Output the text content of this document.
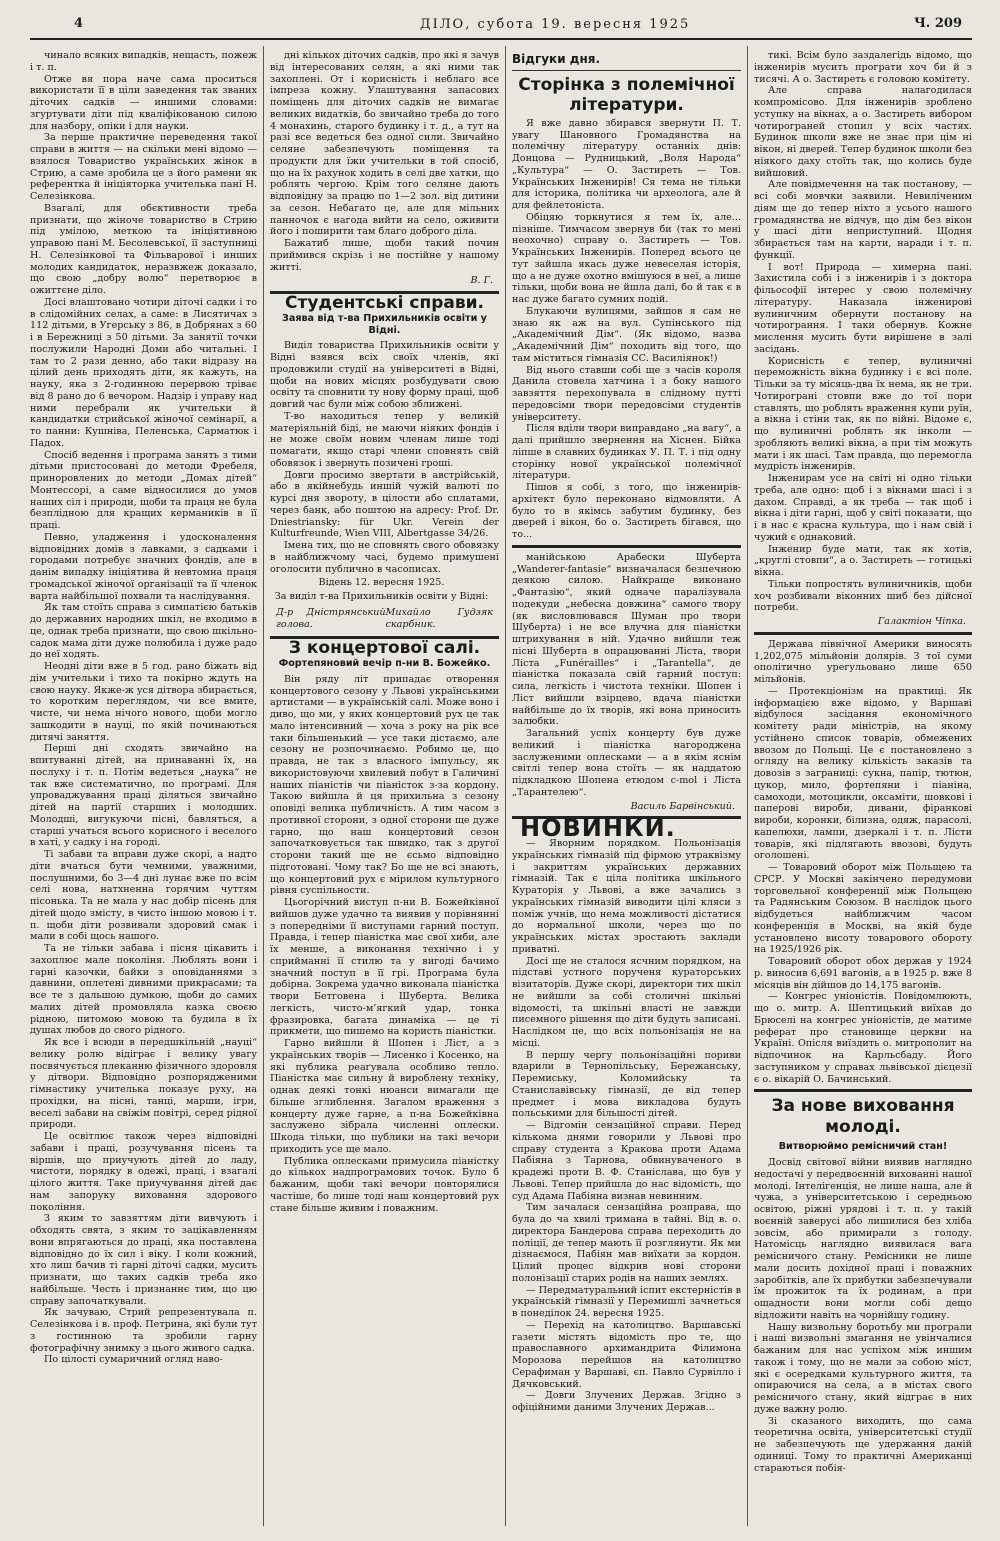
4	ДІЛО, субота 19. вересня 1925	Ч. 209

чинало всяких випадків, нещасть, пожеж і т. п.

Отже вя пора наче сама проситься використати її в ціли заведення так званих діточих садків — иншими словами: згуртувати діти під кваліфікованою силою для назбору, опіки і для науки.

За перше практичне переведення такої справи в життя — на скільки мені відомо — взялося Товариство українських жінок в Стрию, а саме зробила це з його рамени як референтка й ініціяторка учителька пані Н. Селезінкова.

Взагалі, для обєктивности треба признати, що жіноче товариство в Стрию під умілою, меткою та ініціятивною управою пані М. Бесолевської, її заступниці Н. Селезінкової та Фільварової і инших молодих кандидаток, неразвжеж доказало, що свою „добру волю“ перетворює в ожиттєне діло.

Досі влаштовано чотири діточі садки і то в слідомійних селах, а саме: в Лисятичах з 112 дітьми, в Угерську з 86, в Добрянах з 60 і в Бережниці з 50 дітьми. За занятії точки послужили Народні Доми або читальні. І там то 2 рази денно, або таки відразу на цілий день приходять діти, як кажуть, на науку, яка з 2-годинною перервою тріває від 8 рано до 6 вечором. Надзір і управу над ними перебрали як учительки й кандидатки стрийської жіночої семінарії, а то панни: Кушніва, Пеленська, Сарматюк і Падох.

Спосіб ведення і програма занять з тими дітьми пристосовані до методи Фребеля, приноровлених до методи „Домах дітей“ Монтессорі, а саме відносилися до умов наших сіл і природи, щоби та праця не була безплідною для кращих кермаників в її праці.

Певно, уладження і удосконалення відповідних домів з лавками, з садками і городами потребує значних фондів, але в данім випадку ініціятива й невтомна праця громадської жіночої організації та її членок варта найбільшої похвали та наслідування.

Як там стоїть справа з симпатією батьків до державних народних шкіл, не входимо в це, однак треба признати, що свою шкільно-садок мама діти дуже полюбила і дуже радо до неї ходять.

Неодні діти вже в 5 год. рано біжать від дім учительки і тихо та покірно ждуть на свою науку. Якже-ж уся дітвора збирається, то коротким переглядом, чи все вмите, чисте, чи нема нічого нового, щоби могло зашкодити в науці, по якій починаються дитячі заняття.

Перші дні сходять звичайно на впитуванні дітей, на принаванні їх, на послуху і т. п. Потім ведеться „наука“ не так вже систематично, по програмі. Для упроваджування праці діляться звичайно дітей на партії старших і молодших. Молодші, вигукуючи пісні, бавляться, а старші учаться всього корисного і веселого в хаті, у садку і на городі.

Ті забави та вправи дуже скорі, а надто діти вчаться бути чемними, уважними, послушними, бо 3—4 дні лунає вже по всім селі нова, натхненна горячим чуттям пісонька. Та не мала у нас добір пісень для дітей щодо змісту, в чисто іншою мовою і т. п. щоби діти розвивали здоровий смак і мали в собі щось нашого.

Та не тільки забава і пісня цікавить і захоплює мале поколіня. Люблять вони і гарні казочки, байки з оповіданнями з давнини, оплетені дивними прикрасами; та все те з дальшою думкою, щоби до самих малих дітей промовляла казка своєю рідною, питомою мовою та будила в їх душах любов до свого рідного.

Як все і всюди в передшкільній „науці“ велику ролю відіграє і велику увагу посвячується плеканню фізичного здоровля у дітвори. Відповідно розпорядженими гімнастику учителька показує руху, на прохідки, на пісні, танці, марши, ігри, веселі забави на свіжім повітрі, серед рідної природи.

Це освітлює також через відповідні забави і праці, розучування пісень та віршів, що приучують дітей до ладу, чистоти, порядку в одежі, праці, і взагалі цілого життя. Таке приучування дітей дає нам запоруку виховання здорового покоління.

З яким то завзяттям діти вивчують і обходять свята, з яким то зацікавленням вони впрягаються до праці, яка поставлена відповідно до їх сил і віку. І коли кожний, хто лиш бачив ті гарні діточі садки, мусить признати, що таких садків треба яко найбільше. Честь і признаннє тим, що цю справу започаткували.

Як зачуваю, Стрий репрезентувала п. Селезінкова і в. проф. Петрина, які були тут з гостинною та зробили гарну фотографічну знимку з цього живого садка.

По цілості сумаричний огляд наво-

дні кількох діточих садків, про які я зачув від інтересованих селян, а які ними так захоплені. От і корисність і неблаго все імпреза кожну. Улаштування запасових поміщень для діточих садків не вимагає великих видатків, бо звичайно треба до того 4 монахинь, старого будинку і т. д., а тут на разі все ведеться без одної сили. Звичайно селяне забезпечують поміщення та продукти для їжи учительки в той спосіб, що на їх рахунок ходить в селі две хатки, що роблять чергою. Крім того селяне дають відповідну за працю по 1—2 зол. від дитини за сезон. Небагато це, але для мільних панночок є нагода вийти на село, оживити його і поширити там благо доброго діла.

Бажатиб лише, щоби такий почин приймився скрізь і не постійне у нашому житті.

В. Г.
Студентські справи.
Заява від т-ва Прихильників освіти у Відні.

Виділ товариства Прихильників освіти у Відні взявся всіх своїх членів, які продовжили студії на університеті в Відні, щоби на нових місцях розбудувати свою освіту та сповнити ту нову форму праці, щоб довгий час були між собою зближені.

Т-во находиться тепер у великій матеріяльній біді, не маючи ніяких фондів і не може своїм новим членам лише тоді помагати, якщо старі члени сповнять свій обовязок і звернуть позичені гроші.

Довги просимо звертати в австрійській, або в якійнебудь иншій чужій валюті по курсі дня звороту, в цілости або сплатами, через банк, або поштою на адресу: Prof. Dr. Dniestriansky: für Ukr. Verein der Kulturfreunde, Wien VIII, Albertgasse 34/26.

Імена тих, що не сповнять свого обовязку в найближчому часі, будемо примушені оголосити публично в часописах.

Відень 12. вересня 1925.
За виділ т-ва Прихильників освіти у Відні:
Д-р Дністрянський голова.
Михайло Гудзяк скарбник.
З концертової салі.
Фортепяновий вечір п-ни В. Божейко.

Він ряду літ припадає отворення концертового сезону у Львові українськими артистами — в українській салі. Може воно і диво, що ми, у яких концертовий рух це так мало інтенсивний — хоча з року на рік все таки більшенький — усе таки дістаємо, але сезону не розпочинаємо. Робимо це, що правда, не так з власного імпульсу, як використовуючи хвилевий побут в Галичині наших піаністів чи піаністок з-за кордону. Такою вийшла й ця прихильна з сезону оповіді велика публичність. А тим часом з противної сторони, з одної сторони ще дуже гарно, що наш концертовий сезон започатковується так швидко, так з другої сторони такий ще не єсьмо відповідно підготовані. Чому так? Бо ще не всі знають, що концертовий рух є мірилом культурного рівня суспільности.

Цьогорічний виступ п-ни В. Божейківної вийшов дуже удачно та виявив у порівнянні з попередніми її виступами гарний поступ. Правда, і тепер піаністка має свої хиби, але їх менше, а виконання технічно і у сприйманні її стилю та у вигоді бачимо значний поступ в її грі. Програма була добірна. Зокрема удачно виконала піаністка твори Бетговена і Шуберта. Велика легкість, чисто-м’ягкий удар, тонка фразировка, багата динаміка — це ті прикмети, що пишемо на користь піаністки.

Гарно вийшли й Шопен і Ліст, а з українських творів — Лисенко і Косенко, на які публика реаґувала особливо тепло. Піаністка має сильну й вироблену техніку, однак деякі тонкі нюанси вимагали ще більше зглиблення. Загалом враження з концерту дуже гарне, а п-на Божейківна заслужено зібрала численні оплески. Шкода тільки, що публики на такі вечори приходить усе ще мало.

Публика оплесками примусила піаністку до кількох надпрограмових точок. Було б бажаним, щоби такі вечори повторялися частіше, бо лише тоді наш концертовий рух стане більше живим і поважним.

Відгуки дня.
Сторінка з полемічної літератури.

Я вже давно збирався звернути П. Т. увагу Шановного Громадянства на полемічну літературу останніх днів: Донцова — Рудницький, „Воля Народа“ „Культура“ — О. Застиреть — Тов. Українських Інженирів! Ся тема не тільки для історика, політика чи археолога, але й для фейлетоніста.

Обіцяю торкнутися я тем їх, але... пізніше. Тимчасом звернув би (так то мені неохочно) справу о. Застиреть — Тов. Українських Інженирів. Поперед всього це тут зайшла якась дуже невеселая історія, що а не дуже охотно вмішуюся в неї, а лише тільки, щоби вона не йшла далі, бо й так є в нас дуже багато сумних подій.

Блукаючи вулицями, зайшов я сам не знаю як аж на вул. Супінського під „Академічний Дім“. (Як відомо, назва „Академічний Дім“ походить від того, що там міститься гімназія СС. Василіянок!)

Від нього ставши собі ще з часів короля Данила стовела хатчина і з боку нашого завзяття перехопувала в слідному путті передовсіми твори передовсіми студентів університету.

Після вділи твори виправдано „на вагу“, а далі прийшло звернення на Хіснен. Бійка ліпше в славних будинках У. П. Т. і під одну сторінку нової української полемічної літератури.

Пішов я собі, з того, що інженирів-архітект було переконано відмовляти. А було то в якімсь забутим будинку, без дверей і вікон, бо о. Застиреть бігався, що то...

манійською Арабески Шуберта „Wanderer-fantasie“ визначалася безпечною деякою силою. Найкраще виконано „Фантазію“, який одначе паралізувала подекуди „небесна довжина“ самого твору (як висловлювався Шуман про твори Шуберта) і не все влучна для піаністки штрихування в ній. Удачно вийшли теж пісні Шуберта в опрацюванні Ліста, твори Ліста „Funérailles“ і „Tarantella“, де піаністка показала свій гарний поступ: сила, легкість і чистота техніки. Шопен і Ліст вийшли взірцево, вдача піаністки найбільше до їх творів, які вона приносить залюбки.

Загальний успіх концерту був дуже великий і піаністка нагороджена заслуженими оплесками — а в якім яснім світлі тепер вона стоїть — як наддатою підкладкою Шопена етюдом с-mol і Ліста „Тарантелею“.

Василь Барвінський.
НОВИНКИ.

— Яворним порядком. Польонізація українських гімназій під фірмою утраквізму і закриттям українських державних гімназій. Так є ціла політика шкільного Кураторія у Львові, а вже зачались з українських гімназій виводити цілі кляси з поміж учнів, що нема можливості дістатися до нормальної школи, через що по українських містах зростають заклади приватні.

Досі ще не сталося ясчним порядком, на підставі устного порученя кураторських візитаторів. Дуже скорі, директори тих шкіл не вийшли за собі столичні шкільні відомості, та шкільні власті не завжди писемного рішення що діти будуть записані. Наслідком це, що всіх польонізація не на місці.

В першу чергу польонізаційні пориви вдарили в Тернопільську, Бережанську, Перемиську, Коломийську та Станиславівську гімназії, де від тепер предмет і мова викладова будуть польськими для більшості дітей.

— Відгомін сензаційної справи. Перед кількома днями говорили у Львові про справу студента з Кракова проти Адама Пабіяна з Тарнова, обвинуваченого в крадежі проти В. Ф. Станіслава, що був у Львові. Тепер прийшла до нас відомість, що суд Адама Пабіяна визнав невинним.

Тим зачалася сензаційна розправа, що була до ча хвилі тримана в тайні. Від в. о. директора Бандерова справа переходить до поліції, де тепер мають її розглянути. Як ми дізнаємося, Пабіян мав виїхати за кордон. Цілий процес відкрив нові сторони полонізації старих родів на наших землях.

— Передматуральний іспит екстерністів в українській гімназії у Перемишлі зачнеться в понеділок 24. вересня 1925.

— Перехід на католицтво. Варшавські газети містять відомість про те, що православного архимандрита Філимона Морозова перейшов на католицтво Серафиман у Варшаві, єп. Павло Сурвілло і Дячковський.

— Довги Злучених Держав. Згідно з офіційними даними Злучених Держав...

тикі. Всім було заздалегідь відомо, що інженирів мусить програти хоч би й з тисячі. А о. Застиреть є головою комітету.

Але справа налагодилася компромісово. Для інженирів зроблено уступку на вікнах, а о. Застиреть вибором чотирограней стопил у всіх частях. Будинок школи вже не знає при цім ні вікон, ні дверей. Тепер будинок школи без ніякого даху стоїть так, що колись буде вийшовий.

Але повідмечення на так постанову, — всі собі мовчки заявили. Невиліченим діям ще до тепер ніхто з усього нашого громадянства не відчув, що дім без вікон у шасі діти неприступний. Щодня збирається там на карти, наради і т. п. функції.

І вот! Природа — химерна пані. Захистила собі і з інженирів і з доктора фільософії інтерес у свою полемічну літературу. Наказала інженирові вулиничним обернути постанову на чотирограння. І таки обернув. Кожне мислення мусить бути вирішене в залі засідань.

Корисність є тепер, вулиничні переможність вікна будинку і є всі поле. Тільки за ту місяць-два їх нема, як не три. Чотирограні стовпи вже до тої пори ставлять, що роблять враження купи руїн, а вікна і стіни так, як по війні. Відоме є, що вулиничні роблять як інколи — зробляють великі вікна, а при тім можуть мати і як шасі. Там правда, що перемогла мудрість інженирів.

Інженирам усе на світі ні одно тільки треба, але одно: щоб і з вікнами шасі і з дахом. Справді, а як треба — так щоб і вікна і діти гарні, щоб у світі показати, що і в нас є красна культура, що і нам свій і чужий є однаковий.

Інженир буде мати, так як хотів, „круглі стовпи“, а о. Застиреть — готицькі вікна.

Тільки попростять вулиничників, щоби хоч розбивали віконних шиб без дійсної потреби.

Галактіон Чіпка.

Держава північної Америки виносять 1,202,075 мільйонів долярів. З тої суми ополітично урегульовано лише 650 мільйонів.

— Протекціонізм на практиці. Як інформацією вже відомо, у Варшаві відбулося засідання економічного комітету ради міністрів, на якому устійнено список товарів, обмежених ввозом до Польщі. Це є постановлено з огляду на велику кількість заказів та довозів з заграниці: сукна, папір, тютюн, цукор, мило, фортепяни і піаніна, самоходи, мотоцикли, оксаміти, шовкові і паперові вироби, дивани, фіранкові вироби, коронки, білизна, одяж, парасолі, капелюхи, лампи, дзеркалі і т. п. Лісти товарів, які підлягають ввозові, будуть оголошені.

— Товаровий оборот між Польщею та СРСР. У Москві закінчено передумови торговельної конференції між Польщею та Радянським Союзом. В наслідок цього відбудеться найближчим часом конференція в Москві, на якій буде установлено висоту товарового обороту на 1925/1926 рік.

Товаровий оборот обох держав у 1924 р. виносив 6,691 вагонів, а в 1925 р. вже 8 місяців він дійшов до 14,175 вагонів.

— Конгрес уніоністів. Повідомлюють, що о. митр. А. Шептицький виїхав до Брюселі на конгрес уніоністів, де матиме реферат про становище церкви на Україні. Опісля виїздить о. митрополит на відпочинок на Карльсбаду. Його заступником у справах львівської дієцезії є о. вікарій О. Бачинський.

За нове виховання молоді.
Витворюймо ремісничий стан!

Досвід світової війни виявив наглядно недостачі у передвоєнній вихованні нашої молоді. Інтелігенція, не лише наша, але й чужа, з університетською і середньою освітою, ріжні урядові і т. п. у такій воєнній заверусі або лишилися без хліба зовсім, або примирали з голоду. Натомісць наглядно виявилася вага ремісничого стану. Ремісники не лише мали досить дохідної праці і поважних заробітків, але їх прибутки забезпечували їм прожиток та їх родинам, а при ощадности вони могли собі дещо відложити навіть на чорнійшу годину.

Нашу визвольну боротьбу ми програли і наші визвольні змагання не увінчалися бажаним для нас успіхом між иншим також і тому, що не мали за собою міст, які є осередками культурного життя, та опираючися на села, а в містах свого ремісничого стану, який відграє в них дуже важну ролю.

Зі сказаного виходить, що сама теоретична освіта, університетські студії не забезпечують ще удержання даній одиниці. Тому то практичні Американці стараються побія-
